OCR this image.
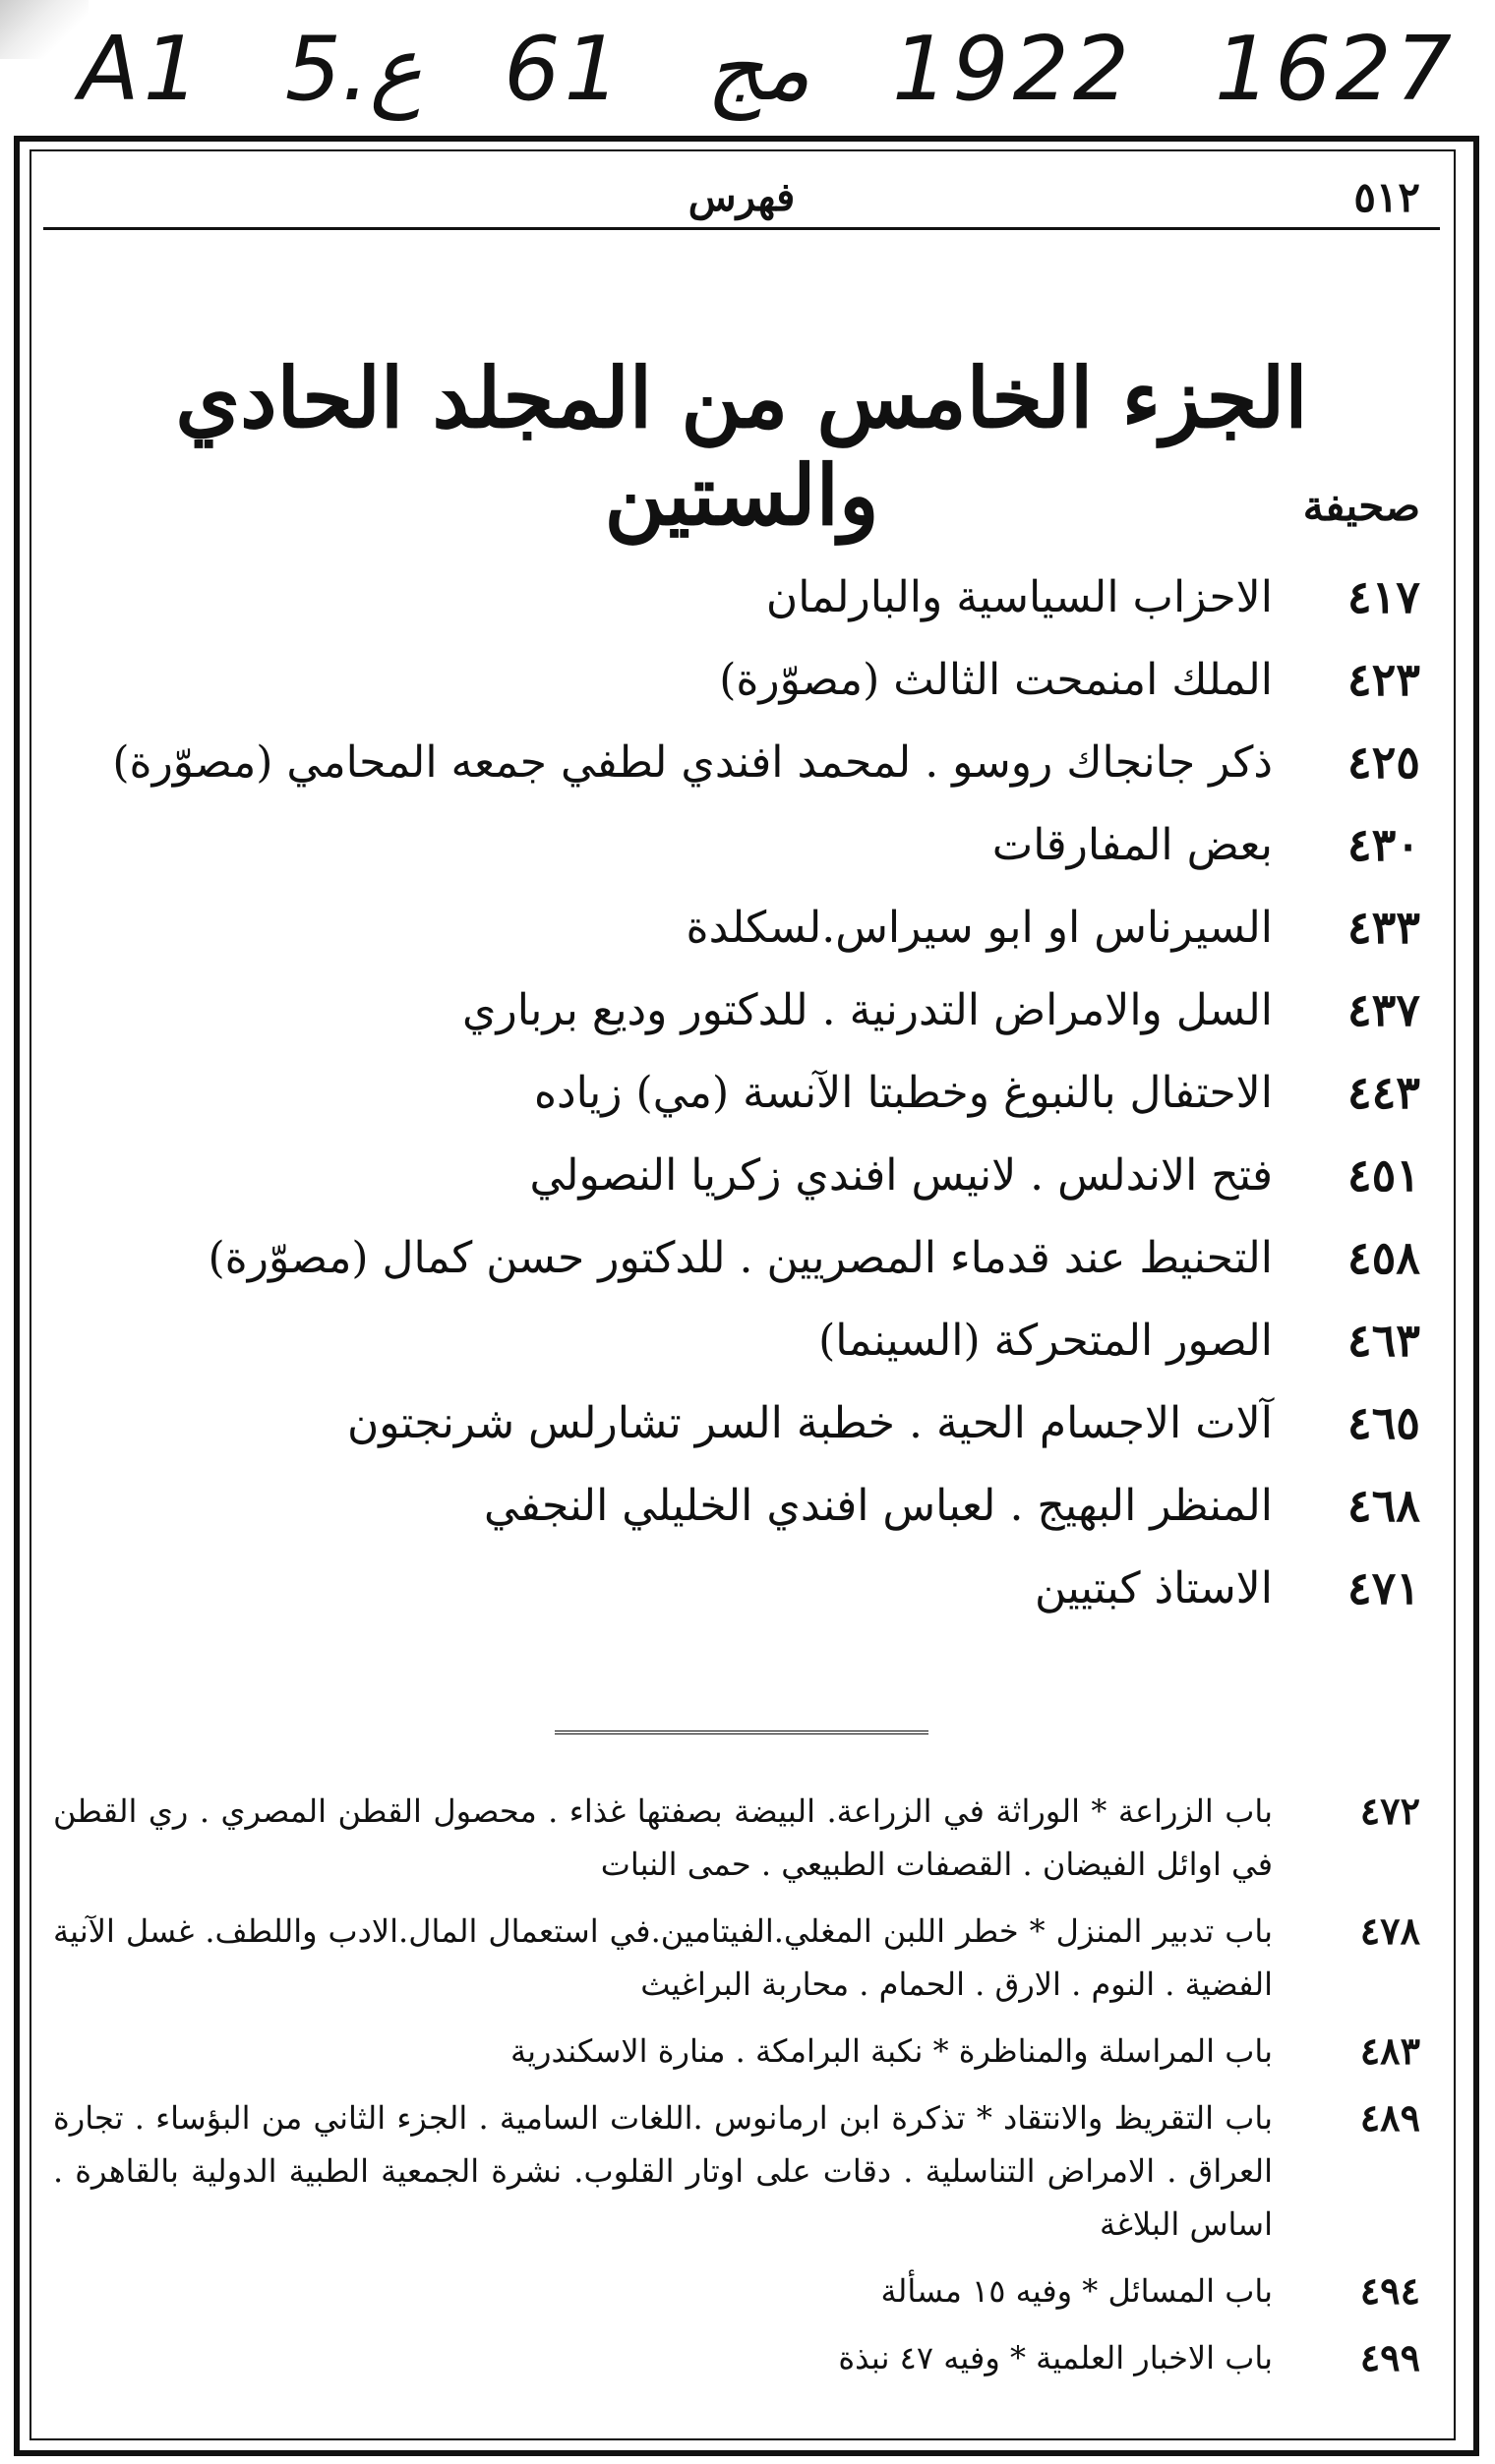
A1 5.ع 61 مج 1922 1627
٥١٢
فهرس
الجزء الخامس من المجلد الحادي والستين	صحيفة
٤١٧
الاحزاب السياسية والبارلمان
٤٢٣
الملك امنمحت الثالث (مصوّرة)
٤٢٥
ذكر جانجاك روسو . لمحمد افندي لطفي جمعه المحامي (مصوّرة)
٤٣٠
بعض المفارقات
٤٣٣
السيرناس او ابو سيراس.لسكلدة
٤٣٧
السل والامراض التدرنية . للدكتور وديع برباري
٤٤٣
الاحتفال بالنبوغ وخطبتا الآنسة (مي) زياده
٤٥١
فتح الاندلس . لانيس افندي زكريا النصولي
٤٥٨
التحنيط عند قدماء المصريين . للدكتور حسن كمال (مصوّرة)
٤٦٣
الصور المتحركة (السينما)
٤٦٥
آلات الاجسام الحية . خطبة السر تشارلس شرنجتون
٤٦٨
المنظر البهيج . لعباس افندي الخليلي النجفي
٤٧١
الاستاذ كبتيين
٤٧٢
باب الزراعة * الوراثة في الزراعة. البيضة بصفتها غذاء . محصول القطن المصري . ري القطن في اوائل الفيضان . القصفات الطبيعي . حمى النبات
٤٧٨
باب تدبير المنزل * خطر اللبن المغلي.الفيتامين.في استعمال المال.الادب واللطف. غسل الآنية الفضية . النوم . الارق . الحمام . محاربة البراغيث
٤٨٣
باب المراسلة والمناظرة * نكبة البرامكة . منارة الاسكندرية
٤٨٩
باب التقريظ والانتقاد * تذكرة ابن ارمانوس .اللغات السامية . الجزء الثاني من البؤساء . تجارة العراق . الامراض التناسلية . دقات على اوتار القلوب. نشرة الجمعية الطبية الدولية بالقاهرة . اساس البلاغة
٤٩٤
باب المسائل * وفيه ١٥ مسألة
٤٩٩
باب الاخبار العلمية * وفيه ٤٧ نبذة
